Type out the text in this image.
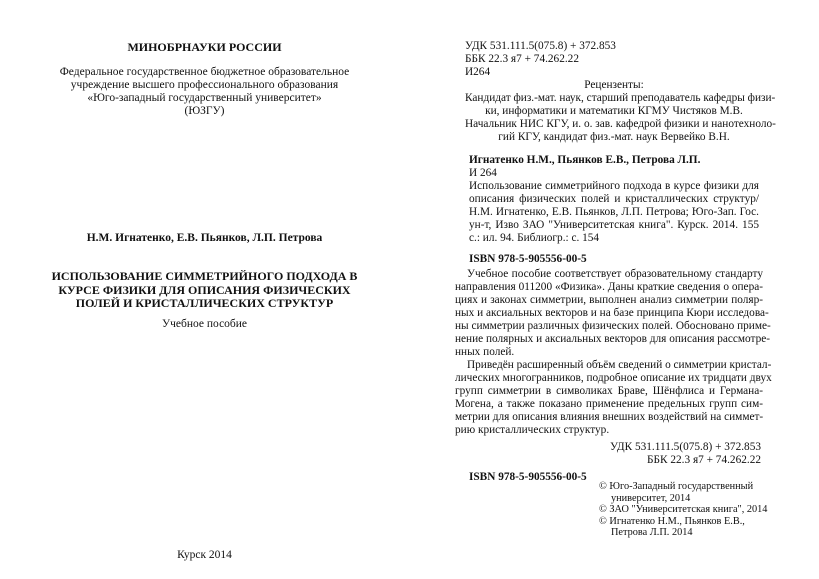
МИНОБРНАУКИ РОССИИ
Федеральное государственное бюджетное образовательное
учреждение высшего профессионального образования
«Юго-западный государственный университет»
(ЮЗГУ)
Н.М. Игнатенко, Е.В. Пьянков, Л.П. Петрова
ИСПОЛЬЗОВАНИЕ СИММЕТРИЙНОГО ПОДХОДА В
КУРСЕ ФИЗИКИ ДЛЯ ОПИСАНИЯ ФИЗИЧЕСКИХ
ПОЛЕЙ И КРИСТАЛЛИЧЕСКИХ СТРУКТУР
Учебное пособие
Курск 2014
УДК 531.111.5(075.8) + 372.853
ББК 22.3 я7 + 74.262.22
И264
Рецензенты:
Кандидат физ.-мат. наук, старший преподаватель кафедры физи-
ки, информатики и математики КГМУ Чистяков М.В.
Начальник НИС КГУ, и. о. зав. кафедрой физики и нанотехноло-
гий КГУ, кандидат физ.-мат. наук Вервейко В.Н.
Игнатенко Н.М., Пьянков Е.В., Петрова Л.П.
И 264
Использование симметрийного подхода в курсе физики для описания физических полей и кристаллических структур/ Н.М. Игнатенко, Е.В. Пьянков, Л.П. Петрова; Юго-Зап. Гос. ун-т, Изво ЗАО "Университетская книга". Курск. 2014. 155 с.: ил. 94. Библиогр.: с. 154
ISBN 978-5-905556-00-5
Учебное пособие соответствует образовательному стандарту
направления 011200 «Физика». Даны краткие сведения о опера-
циях и законах симметрии, выполнен анализ симметрии поляр-
ных и аксиальных векторов и на базе принципа Кюри исследова-
ны симметрии различных физических полей. Обосновано приме-
нение полярных и аксиальных векторов для описания рассмотре-
нных полей.
Приведён расширенный объём сведений о симметрии кристал-
лических многогранников, подробное описание их тридцати двух
групп симметрии в символиках Браве, Шёнфлиса и Германа-
Могена, а также показано применение предельных групп сим-
метрии для описания влияния внешних воздействий на симмет-
рию кристаллических структур.
УДК 531.111.5(075.8) + 372.853
ББК 22.3 я7 + 74.262.22
ISBN 978-5-905556-00-5
© Юго-Западный государственный
университет, 2014
© ЗАО "Университетская книга", 2014
© Игнатенко Н.М., Пьянков Е.В.,
Петрова Л.П. 2014
